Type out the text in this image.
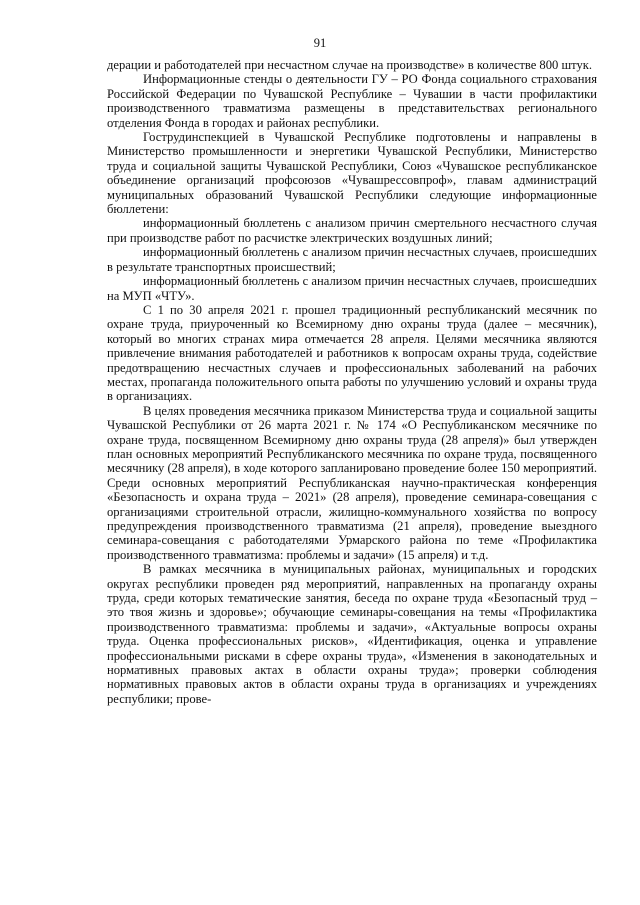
91

дерации и работодателей при несчастном случае на производстве» в количестве 800 штук.

Информационные стенды о деятельности ГУ – РО Фонда социального страхования Российской Федерации по Чувашской Республике – Чувашии в части профилактики производственного травматизма размещены в представительствах регионального отделения Фонда в городах и районах республики.

Гострудинспекцией в Чувашской Республике подготовлены и направлены в Министерство промышленности и энергетики Чувашской Республики, Министерство труда и социальной защиты Чувашской Республики, Союз «Чувашское республиканское объединение организаций профсоюзов «Чувашрессовпроф», главам администраций муниципальных образований Чувашской Республики следующие информационные бюллетени:

информационный бюллетень с анализом причин смертельного несчастного случая при производстве работ по расчистке электрических воздушных линий;

информационный бюллетень с анализом причин несчастных случаев, происшедших в результате транспортных происшествий;

информационный бюллетень с анализом причин несчастных случаев, происшедших на МУП «ЧТУ».

С 1 по 30 апреля 2021 г. прошел традиционный республиканский месячник по охране труда, приуроченный ко Всемирному дню охраны труда (далее – месячник), который во многих странах мира отмечается 28 апреля. Целями месячника являются привлечение внимания работодателей и работников к вопросам охраны труда, содействие предотвращению несчастных случаев и профессиональных заболеваний на рабочих местах, пропаганда положительного опыта работы по улучшению условий и охраны труда в организациях.

В целях проведения месячника приказом Министерства труда и социальной защиты Чувашской Республики от 26 марта 2021 г. № 174 «О Республиканском месячнике по охране труда, посвященном Всемирному дню охраны труда (28 апреля)» был утвержден план основных мероприятий Республиканского месячника по охране труда, посвященного месячнику (28 апреля), в ходе которого запланировано проведение более 150 мероприятий. Среди основных мероприятий Республиканская научно-практическая конференция «Безопасность и охрана труда – 2021» (28 апреля), проведение семинара-совещания с организациями строительной отрасли, жилищно-коммунального хозяйства по вопросу предупреждения производственного травматизма (21 апреля), проведение выездного семинара-совещания с работодателями Урмарского района по теме «Профилактика производственного травматизма: проблемы и задачи» (15 апреля) и т.д.

В рамках месячника в муниципальных районах, муниципальных и городских округах республики проведен ряд мероприятий, направленных на пропаганду охраны труда, среди которых тематические занятия, беседа по охране труда «Безопасный труд – это твоя жизнь и здоровье»; обучающие семинары-совещания на темы «Профилактика производственного травматизма: проблемы и задачи», «Актуальные вопросы охраны труда. Оценка профессиональных рисков», «Идентификация, оценка и управление профессиональными рисками в сфере охраны труда», «Изменения в законодательных и нормативных правовых актах в области охраны труда»; проверки соблюдения нормативных правовых актов в области охраны труда в организациях и учреждениях республики; прове-
